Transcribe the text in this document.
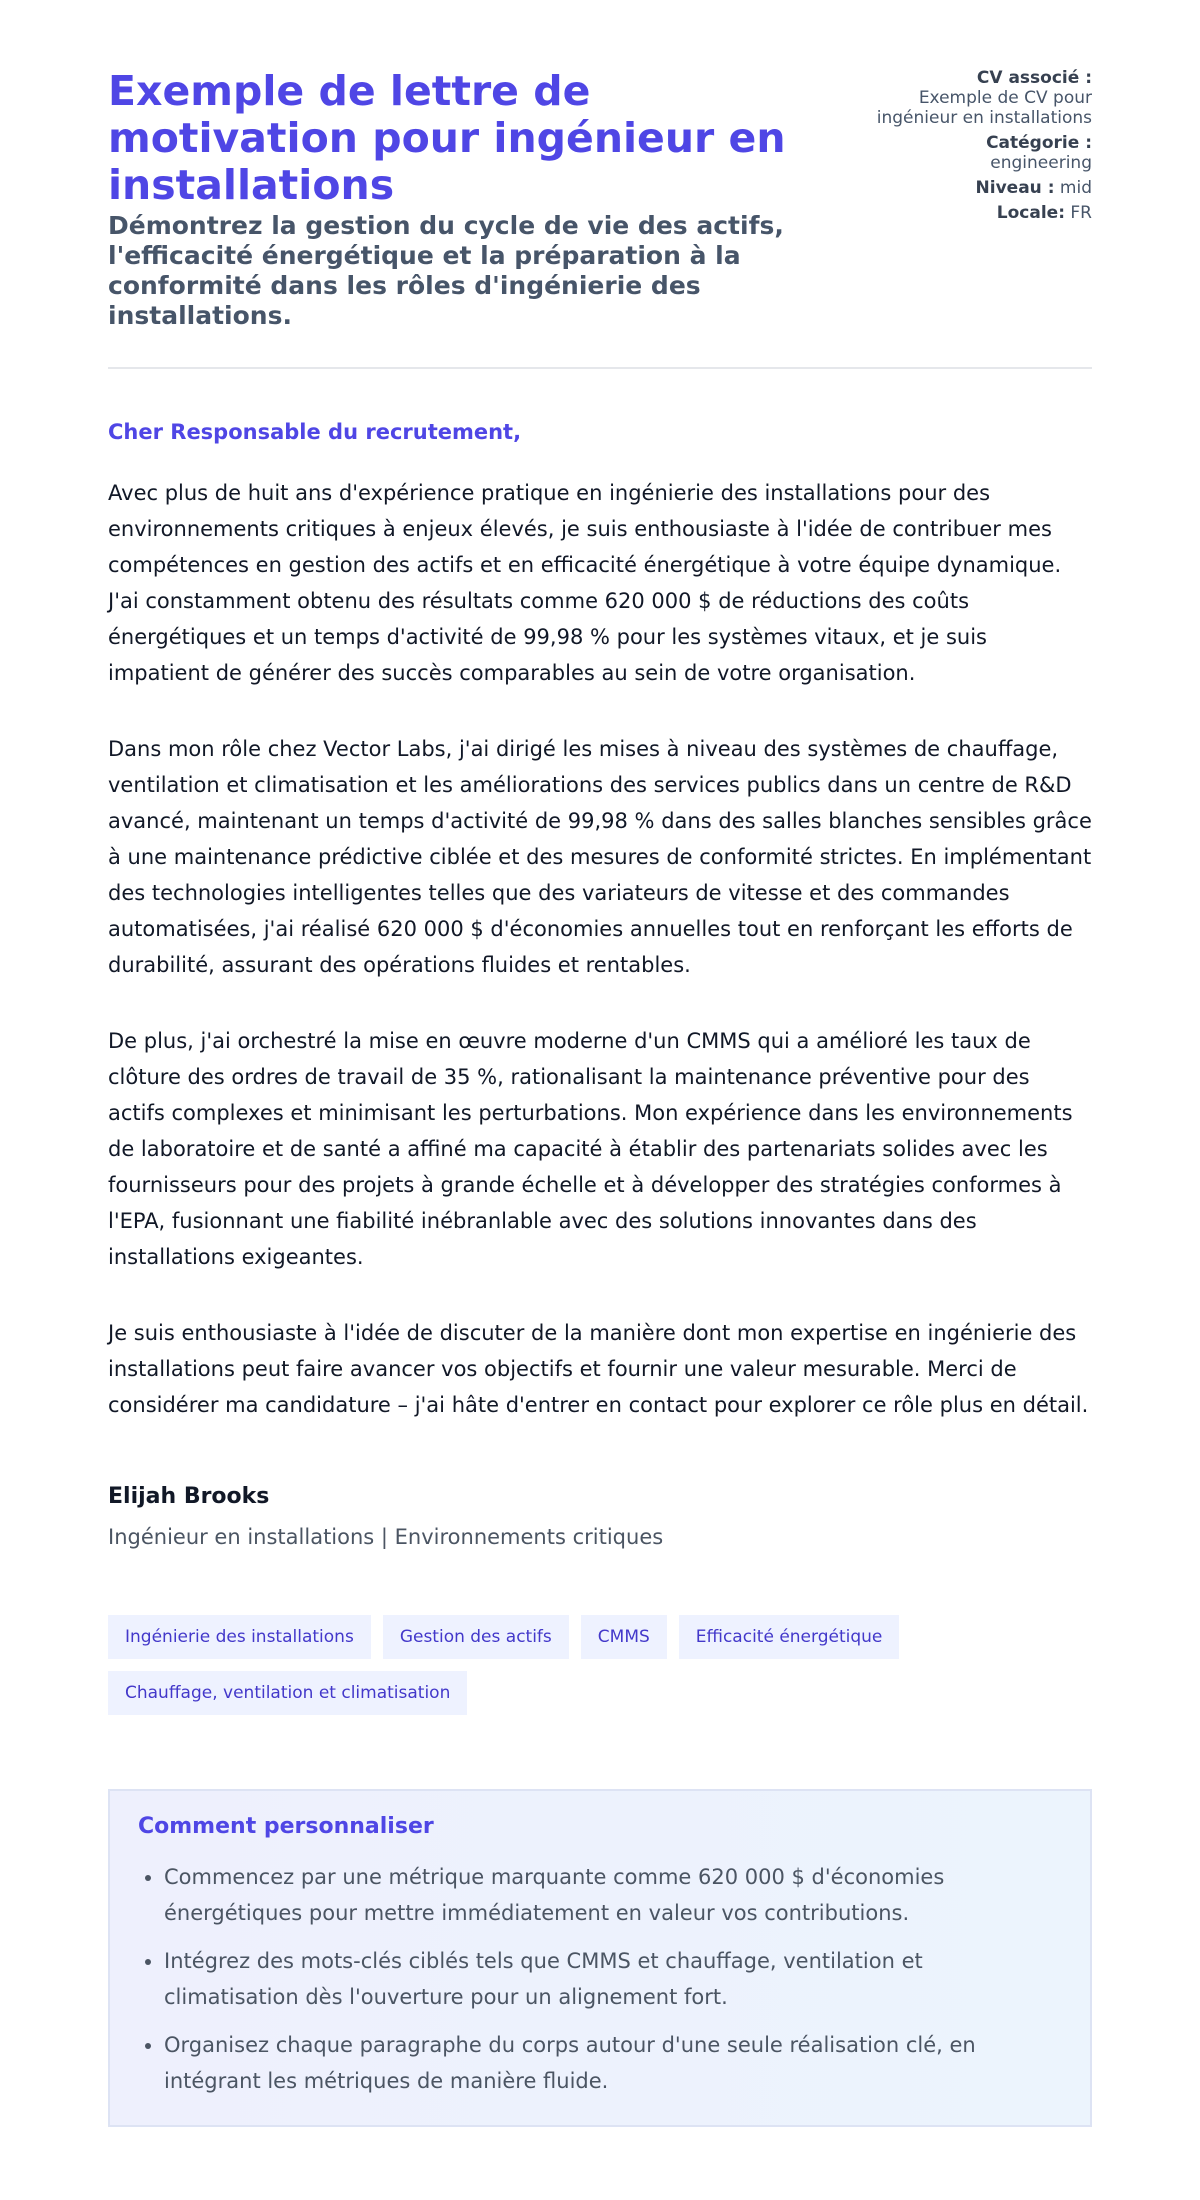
Exemple de lettre de motivation pour ingénieur en installations
Démontrez la gestion du cycle de vie des actifs, l'efficacité énergétique et la préparation à la conformité dans les rôles d'ingénierie des installations.
CV associé :
Exemple de CV pour ingénieur en installations
Catégorie :
engineering
Niveau : mid
Locale: FR

Cher Responsable du recrutement,

Avec plus de huit ans d'expérience pratique en ingénierie des installations pour des environnements critiques à enjeux élevés, je suis enthousiaste à l'idée de contribuer mes compétences en gestion des actifs et en efficacité énergétique à votre équipe dynamique. J'ai constamment obtenu des résultats comme 620 000 $ de réductions des coûts énergétiques et un temps d'activité de 99,98 % pour les systèmes vitaux, et je suis impatient de générer des succès comparables au sein de votre organisation.

Dans mon rôle chez Vector Labs, j'ai dirigé les mises à niveau des systèmes de chauffage, ventilation et climatisation et les améliorations des services publics dans un centre de R&D avancé, maintenant un temps d'activité de 99,98 % dans des salles blanches sensibles grâce à une maintenance prédictive ciblée et des mesures de conformité strictes. En implémentant des technologies intelligentes telles que des variateurs de vitesse et des commandes automatisées, j'ai réalisé 620 000 $ d'économies annuelles tout en renforçant les efforts de durabilité, assurant des opérations fluides et rentables.

De plus, j'ai orchestré la mise en œuvre moderne d'un CMMS qui a amélioré les taux de clôture des ordres de travail de 35 %, rationalisant la maintenance préventive pour des actifs complexes et minimisant les perturbations. Mon expérience dans les environnements de laboratoire et de santé a affiné ma capacité à établir des partenariats solides avec les fournisseurs pour des projets à grande échelle et à développer des stratégies conformes à l'EPA, fusionnant une fiabilité inébranlable avec des solutions innovantes dans des installations exigeantes.

Je suis enthousiaste à l'idée de discuter de la manière dont mon expertise en ingénierie des installations peut faire avancer vos objectifs et fournir une valeur mesurable. Merci de considérer ma candidature – j'ai hâte d'entrer en contact pour explorer ce rôle plus en détail.

Elijah Brooks
Ingénieur en installations | Environnements critiques
Ingénierie des installations	Gestion des actifs	CMMS	Efficacité énergétique
Chauffage, ventilation et climatisation
Comment personnaliser
• Commencez par une métrique marquante comme 620 000 $ d'économies énergétiques pour mettre immédiatement en valeur vos contributions.
• Intégrez des mots-clés ciblés tels que CMMS et chauffage, ventilation et climatisation dès l'ouverture pour un alignement fort.
• Organisez chaque paragraphe du corps autour d'une seule réalisation clé, en intégrant les métriques de manière fluide.
